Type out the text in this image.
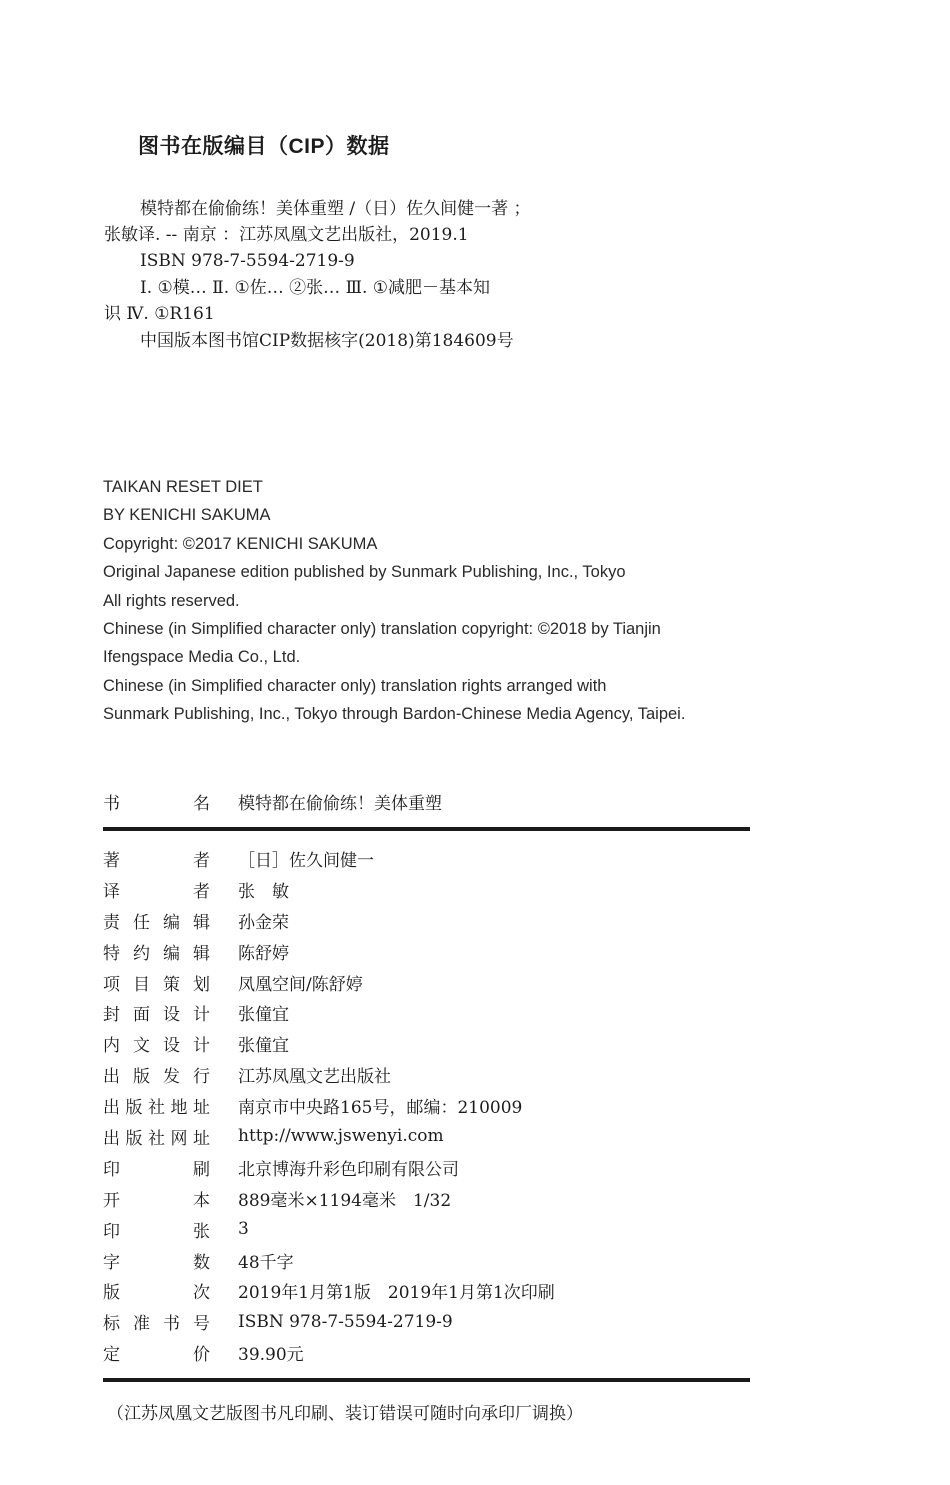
图书在版编目（CIP）数据
模特都在偷偷练！美体重塑 /（日）佐久间健一著 ；
张敏译. -- 南京 ：江苏凤凰文艺出版社，2019.1
ISBN 978-7-5594-2719-9
Ⅰ. ①模… Ⅱ. ①佐… ②张… Ⅲ. ①减肥－基本知
识 Ⅳ. ①R161
中国版本图书馆CIP数据核字(2018)第184609号
TAIKAN RESET DIET
BY KENICHI SAKUMA
Copyright: ©2017 KENICHI SAKUMA
Original Japanese edition published by Sunmark Publishing, Inc., Tokyo
All rights reserved.
Chinese (in Simplified character only) translation copyright: ©2018 by Tianjin
Ifengspace Media Co., Ltd.
Chinese (in Simplified character only) translation rights arranged with
Sunmark Publishing, Inc., Tokyo through Bardon-Chinese Media Agency, Taipei.
书	名 模特都在偷偷练！美体重塑
著	者 ［日］佐久间健一
译	者 张　敏
责 任 编 辑 孙金荣
特 约 编 辑 陈舒婷
项 目 策 划 凤凰空间/陈舒婷
封 面 设 计 张僮宜
内 文 设 计 张僮宜
出 版 发 行 江苏凤凰文艺出版社
出 版 社 地 址 南京市中央路165号，邮编：210009
出 版 社 网 址 http://www.jswenyi.com
印	刷 北京博海升彩色印刷有限公司
开	本 889毫米×1194毫米　1/32
印	张 3
字	数 48千字
版	次 2019年1月第1版　2019年1月第1次印刷
标 准 书 号 ISBN 978-7-5594-2719-9
定	价 39.90元
（江苏凤凰文艺版图书凡印刷、装订错误可随时向承印厂调换）
